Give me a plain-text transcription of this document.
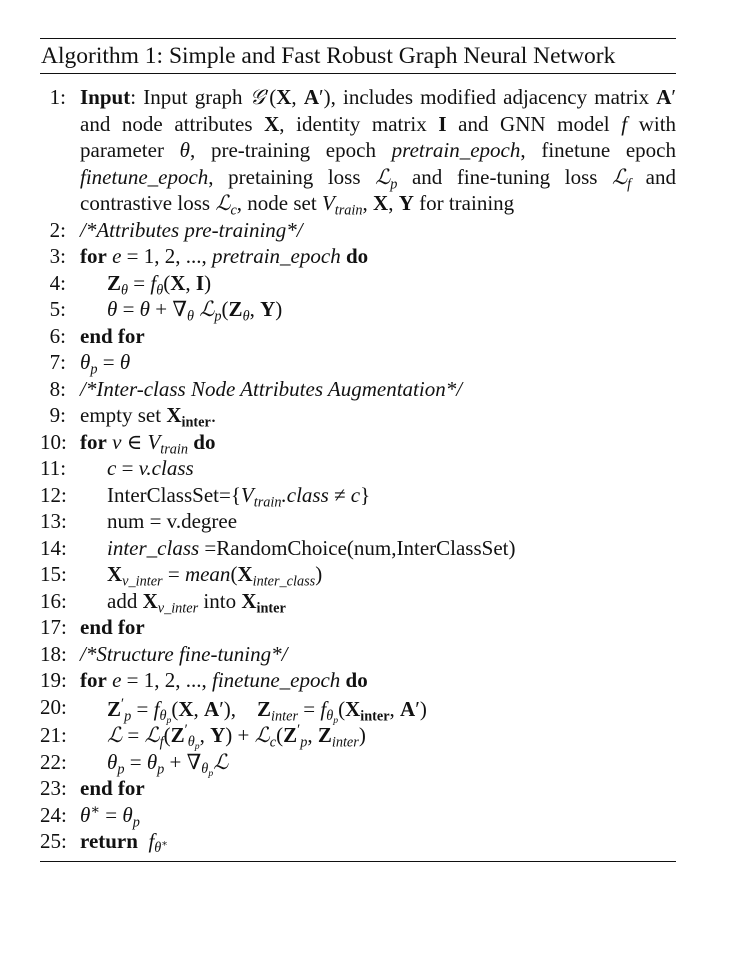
Algorithm 1: Simple and Fast Robust Graph Neural Network
1: Input: Input graph 𝒢′(X, A′), includes modified adjacency matrix A′ and node attributes X, identity matrix I and GNN model f with parameter θ, pre-training epoch pretrain_epoch, finetune epoch finetune_epoch, pretaining loss ℒ$_p$ and fine-tuning loss ℒ$_f$ and contrastive loss ℒ$_c$, node set $V_{train}$, X, Y for training
2: /*Attributes pre-training*/
3: for e = 1, 2, ..., pretrain_epoch do
4:	$Z_\theta = f_\theta(X$, I)
5:	$\theta = \theta + \nabla_\theta$ $ℒ_p(Z_\theta$, Y)
6: end for
7: $\theta_p = \theta$
8: /*Inter-class Node Attributes Augmentation*/
9: empty set $X_{inter}$.
10: for v ∈ $V_{train}$ do
11:	c = v.class
12:	$InterClassSet=\{V_{train}.class \ne c\}$
13:	num = v.degree
14:	inter_class =RandomChoice(num,InterClassSet)
15:	$X_{v\_inter}$ = $mean(X_{inter\_class})$
16:	add $X_{v\_inter}$ into $X_{inter}$
17: end for
18: /*Structure fine-tuning*/
19: for e = 1, 2, ..., finetune_epoch do
20:	$Z'_p = f_{\theta_p}(X$, A′),    $Z_{inter} = f_{\theta_p}(X_{inter}$, A′)
21:	ℒ = $ℒ_f(Z'_{\theta_p}$, $Y) + ℒ_c(Z'_p$, $Z_{inter}$)
22:	$\theta_p = \theta_p$ + $\nabla_{\theta_p}ℒ$
23: end for
24: $\theta^∗ = \theta_p$
25: return $f_{\theta^∗}$
